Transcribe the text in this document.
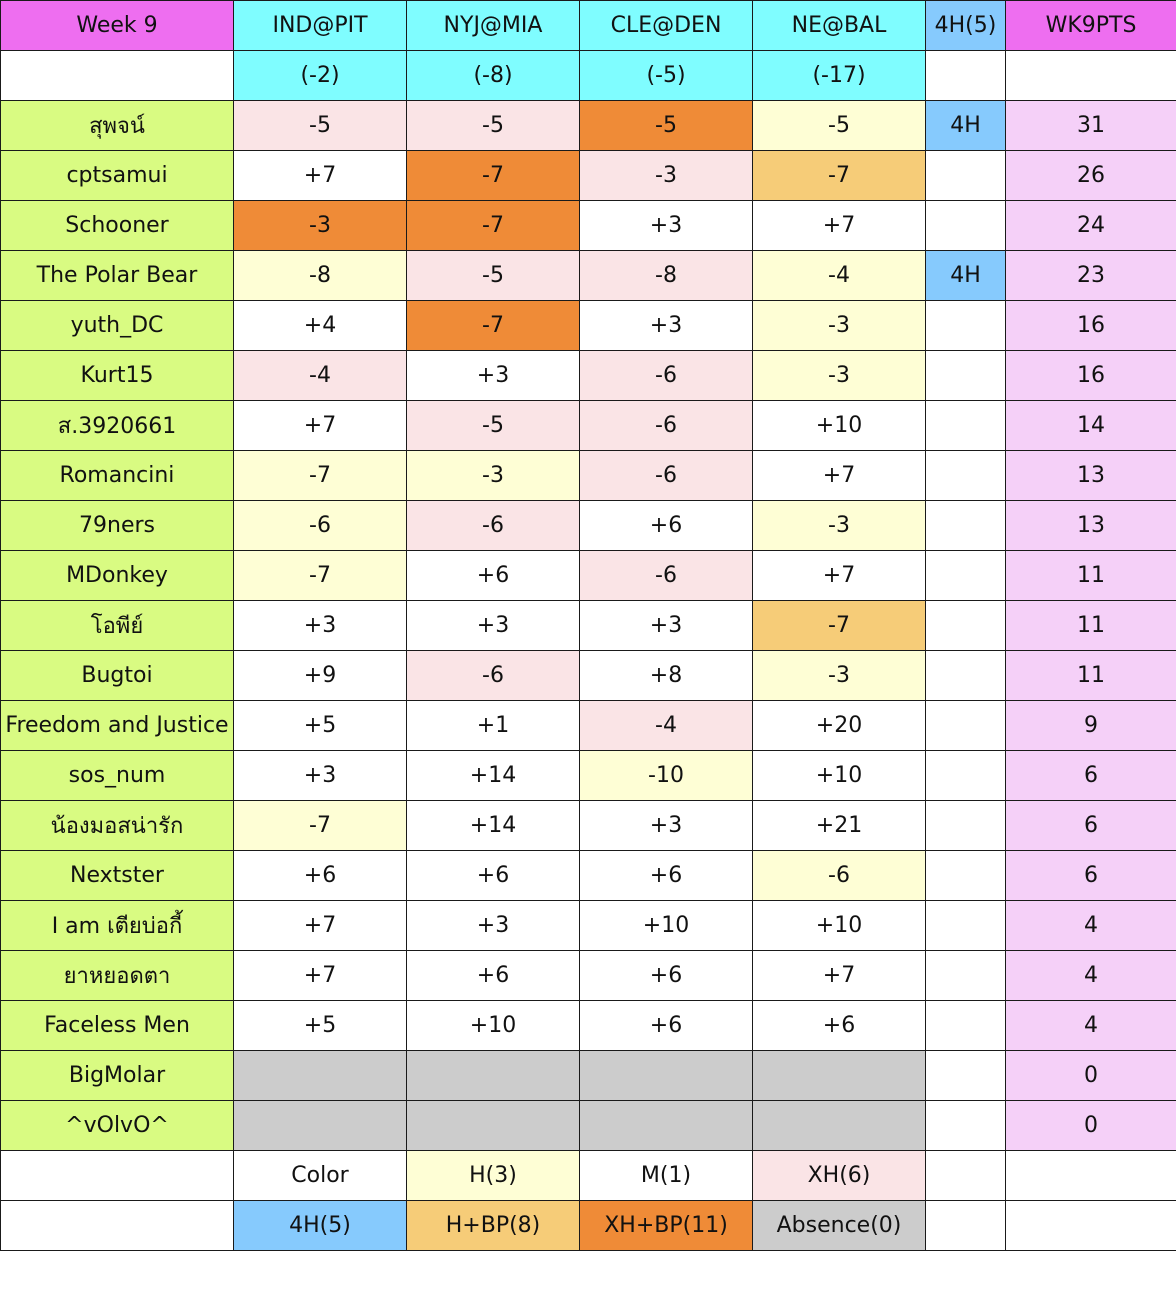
Week 9	IND@PIT	NYJ@MIA	CLE@DEN	NE@BAL	4H(5)	WK9PTS
	(-2)	(-8)	(-5)	(-17)		
สุพจน์	-5	-5	-5	-5	4H	31
cptsamui	+7	-7	-3	-7		26
Schooner	-3	-7	+3	+7		24
The Polar Bear	-8	-5	-8	-4	4H	23
yuth_DC	+4	-7	+3	-3		16
Kurt15	-4	+3	-6	-3		16
ส.3920661	+7	-5	-6	+10		14
Romancini	-7	-3	-6	+7		13
79ners	-6	-6	+6	-3		13
MDonkey	-7	+6	-6	+7		11
โอพีย์	+3	+3	+3	-7		11
Bugtoi	+9	-6	+8	-3		11
Freedom and Justice	+5	+1	-4	+20		9
sos_num	+3	+14	-10	+10		6
น้องมอสน่ารัก	-7	+14	+3	+21		6
Nextster	+6	+6	+6	-6		6
I am เตียบ่อกี้	+7	+3	+10	+10		4
ยาหยอดตา	+7	+6	+6	+7		4
Faceless Men	+5	+10	+6	+6		4
BigMolar						0
^vOlvO^						0
	Color	H(3)	M(1)	XH(6)		
	4H(5)	H+BP(8)	XH+BP(11)	Absence(0)		
